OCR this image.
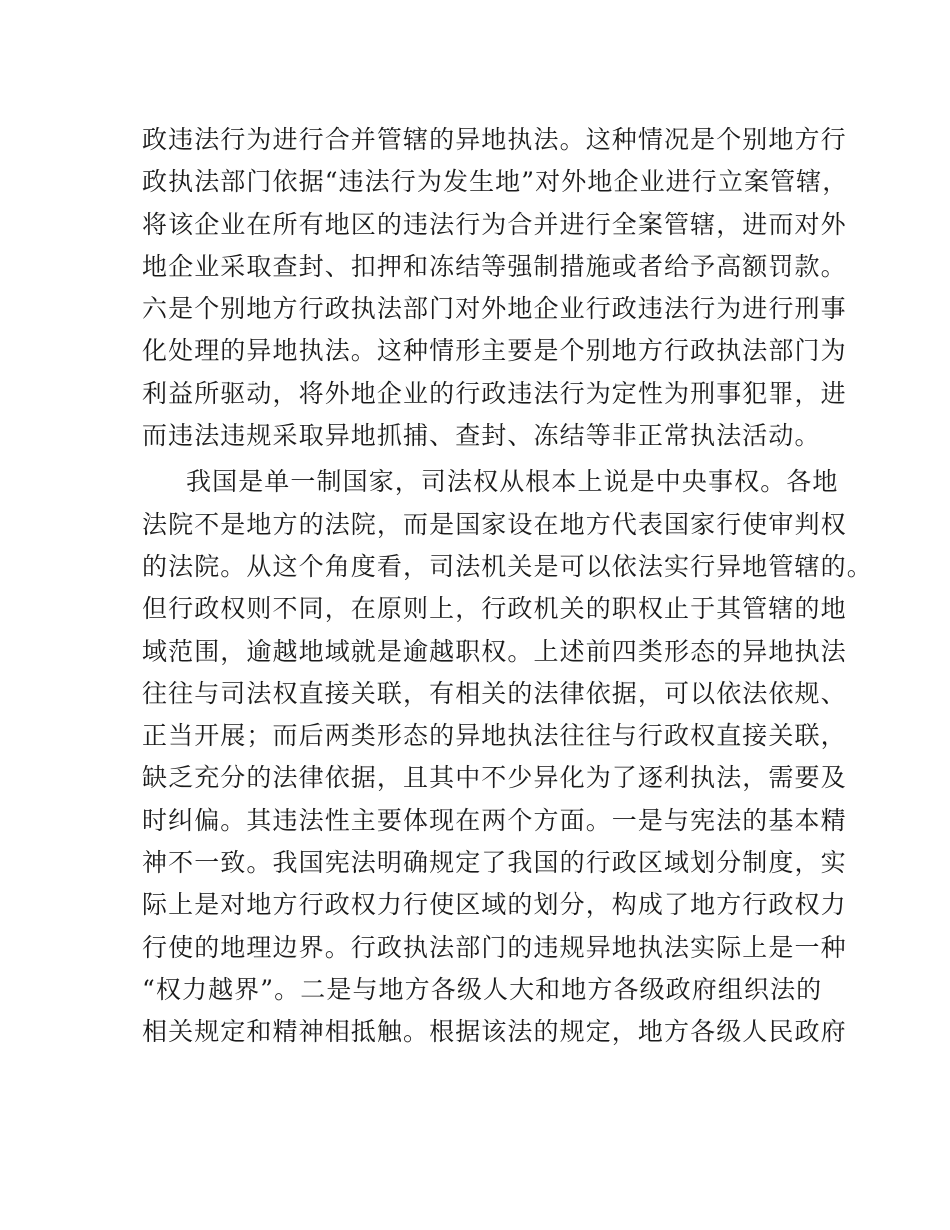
政违法行为进行合并管辖的异地执法。这种情况是个别地方行
政执法部门依据“违法行为发生地”对外地企业进行立案管辖，
将该企业在所有地区的违法行为合并进行全案管辖，进而对外
地企业采取查封、扣押和冻结等强制措施或者给予高额罚款。
六是个别地方行政执法部门对外地企业行政违法行为进行刑事
化处理的异地执法。这种情形主要是个别地方行政执法部门为
利益所驱动，将外地企业的行政违法行为定性为刑事犯罪，进
而违法违规采取异地抓捕、查封、冻结等非正常执法活动。
我国是单一制国家，司法权从根本上说是中央事权。各地
法院不是地方的法院，而是国家设在地方代表国家行使审判权
的法院。从这个角度看，司法机关是可以依法实行异地管辖的。
但行政权则不同，在原则上，行政机关的职权止于其管辖的地
域范围，逾越地域就是逾越职权。上述前四类形态的异地执法
往往与司法权直接关联，有相关的法律依据，可以依法依规、
正当开展；而后两类形态的异地执法往往与行政权直接关联，
缺乏充分的法律依据，且其中不少异化为了逐利执法，需要及
时纠偏。其违法性主要体现在两个方面。一是与宪法的基本精
神不一致。我国宪法明确规定了我国的行政区域划分制度，实
际上是对地方行政权力行使区域的划分，构成了地方行政权力
行使的地理边界。行政执法部门的违规异地执法实际上是一种
“权力越界”。二是与地方各级人大和地方各级政府组织法的
相关规定和精神相抵触。根据该法的规定，地方各级人民政府
